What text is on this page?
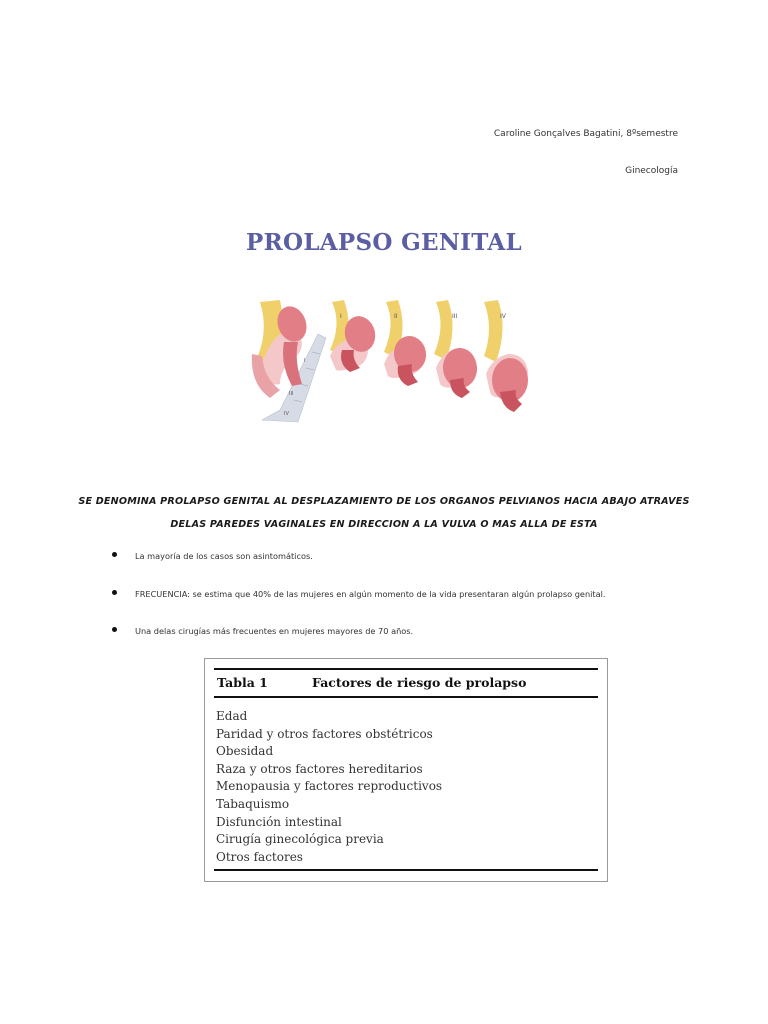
Caroline Gonçalves Bagatini, 8ºsemestre
Ginecología
PROLAPSO GENITAL
I
III
IV
I	II	III	IV
SE DENOMINA PROLAPSO GENITAL AL DESPLAZAMIENTO DE LOS ORGANOS PELVIANOS HACIA ABAJO ATRAVES
DELAS PAREDES VAGINALES EN DIRECCION A LA VULVA O MAS ALLA DE ESTA
La mayoría de los casos son asintomáticos.
FRECUENCIA: se estima que 40% de las mujeres en algún momento de la vida presentaran algún prolapso genital.
Una delas cirugías más frecuentes en mujeres mayores de 70 años.
Tabla 1	Factores de riesgo de prolapso
Edad
Paridad y otros factores obstétricos
Obesidad
Raza y otros factores hereditarios
Menopausia y factores reproductivos
Tabaquismo
Disfunción intestinal
Cirugía ginecológica previa
Otros factores
